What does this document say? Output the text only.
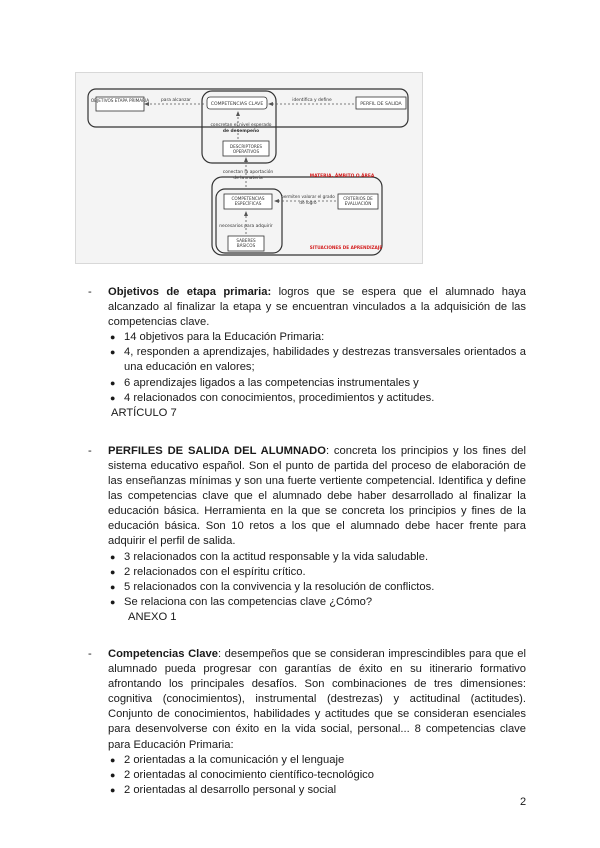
OBJETIVOS ETAPA PRIMARIA
COMPETENCIAS CLAVE	PERFIL DE SALIDA
para alcanzar	identifica y define
concretan el nivel esperado
de desempeño
DESCRIPTORES
OPERATIVOS
conectan la aportación
de la materia	MATERIA, ÁMBITO O ÁREA
COMPETENCIAS
ESPECÍFICAS
permiten valorar el grado
de logro
CRITERIOS DE
EVALUACIÓN
necesarios para adquirir
SABERES
BÁSICOS	SITUACIONES DE APRENDIZAJE
- Objetivos de etapa primaria: logros que se espera que el alumnado haya alcanzado al finalizar la etapa y se encuentran vinculados a la adquisición de las competencias clave.
● 14 objetivos para la Educación Primaria:
● 4, responden a aprendizajes, habilidades y destrezas transversales orientados a una educación en valores;
● 6 aprendizajes ligados a las competencias instrumentales y
● 4 relacionados con conocimientos, procedimientos y actitudes.
ARTÍCULO 7
- PERFILES DE SALIDA DEL ALUMNADO: concreta los principios y los fines del sistema educativo español. Son el punto de partida del proceso de elaboración de las enseñanzas mínimas y son una fuerte vertiente competencial. Identifica y define las competencias clave que el alumnado debe haber desarrollado al finalizar la educación básica. Herramienta en la que se concreta los principios y fines de la educación básica. Son 10 retos a los que el alumnado debe hacer frente para adquirir el perfil de salida.
● 3 relacionados con la actitud responsable y la vida saludable.
● 2 relacionados con el espíritu crítico.
● 5 relacionados con la convivencia y la resolución de conflictos.
● Se relaciona con las competencias clave ¿Cómo?
ANEXO 1
- Competencias Clave: desempeños que se consideran imprescindibles para que el alumnado pueda progresar con garantías de éxito en su itinerario formativo afrontando los principales desafíos. Son combinaciones de tres dimensiones: cognitiva (conocimientos), instrumental (destrezas) y actitudinal (actitudes). Conjunto de conocimientos, habilidades y actitudes que se consideran esenciales para desenvolverse con éxito en la vida social, personal... 8 competencias clave para Educación Primaria:
● 2 orientadas a la comunicación y el lenguaje
● 2 orientadas al conocimiento científico-tecnológico
● 2 orientadas al desarrollo personal y social
2
